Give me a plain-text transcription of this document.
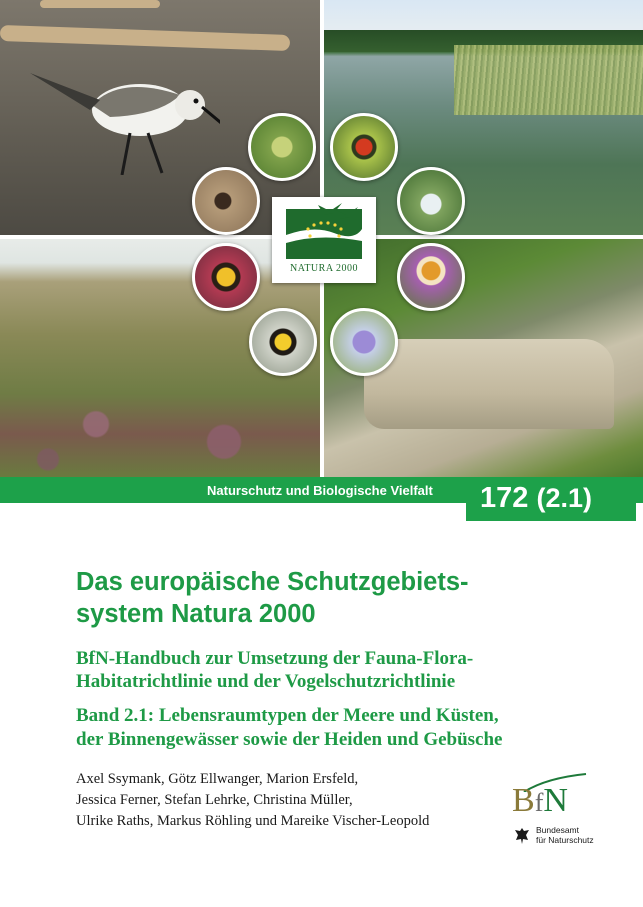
NATURA 2000
Naturschutz und Biologische Vielfalt 172 (2.1)
Das europäische Schutzgebiets-
system Natura 2000
BfN-Handbuch zur Umsetzung der Fauna-Flora-
Habitatrichtlinie und der Vogelschutzrichtlinie
Band 2.1: Lebensraumtypen der Meere und Küsten,
der Binnengewässer sowie der Heiden und Gebüsche

Axel Ssymank, Götz Ellwanger, Marion Ersfeld,
Jessica Ferner, Stefan Lehrke, Christina Müller,
Ulrike Raths, Markus Röhling und Mareike Vischer-Leopold

BfN
Bundesamt
für Naturschutz
